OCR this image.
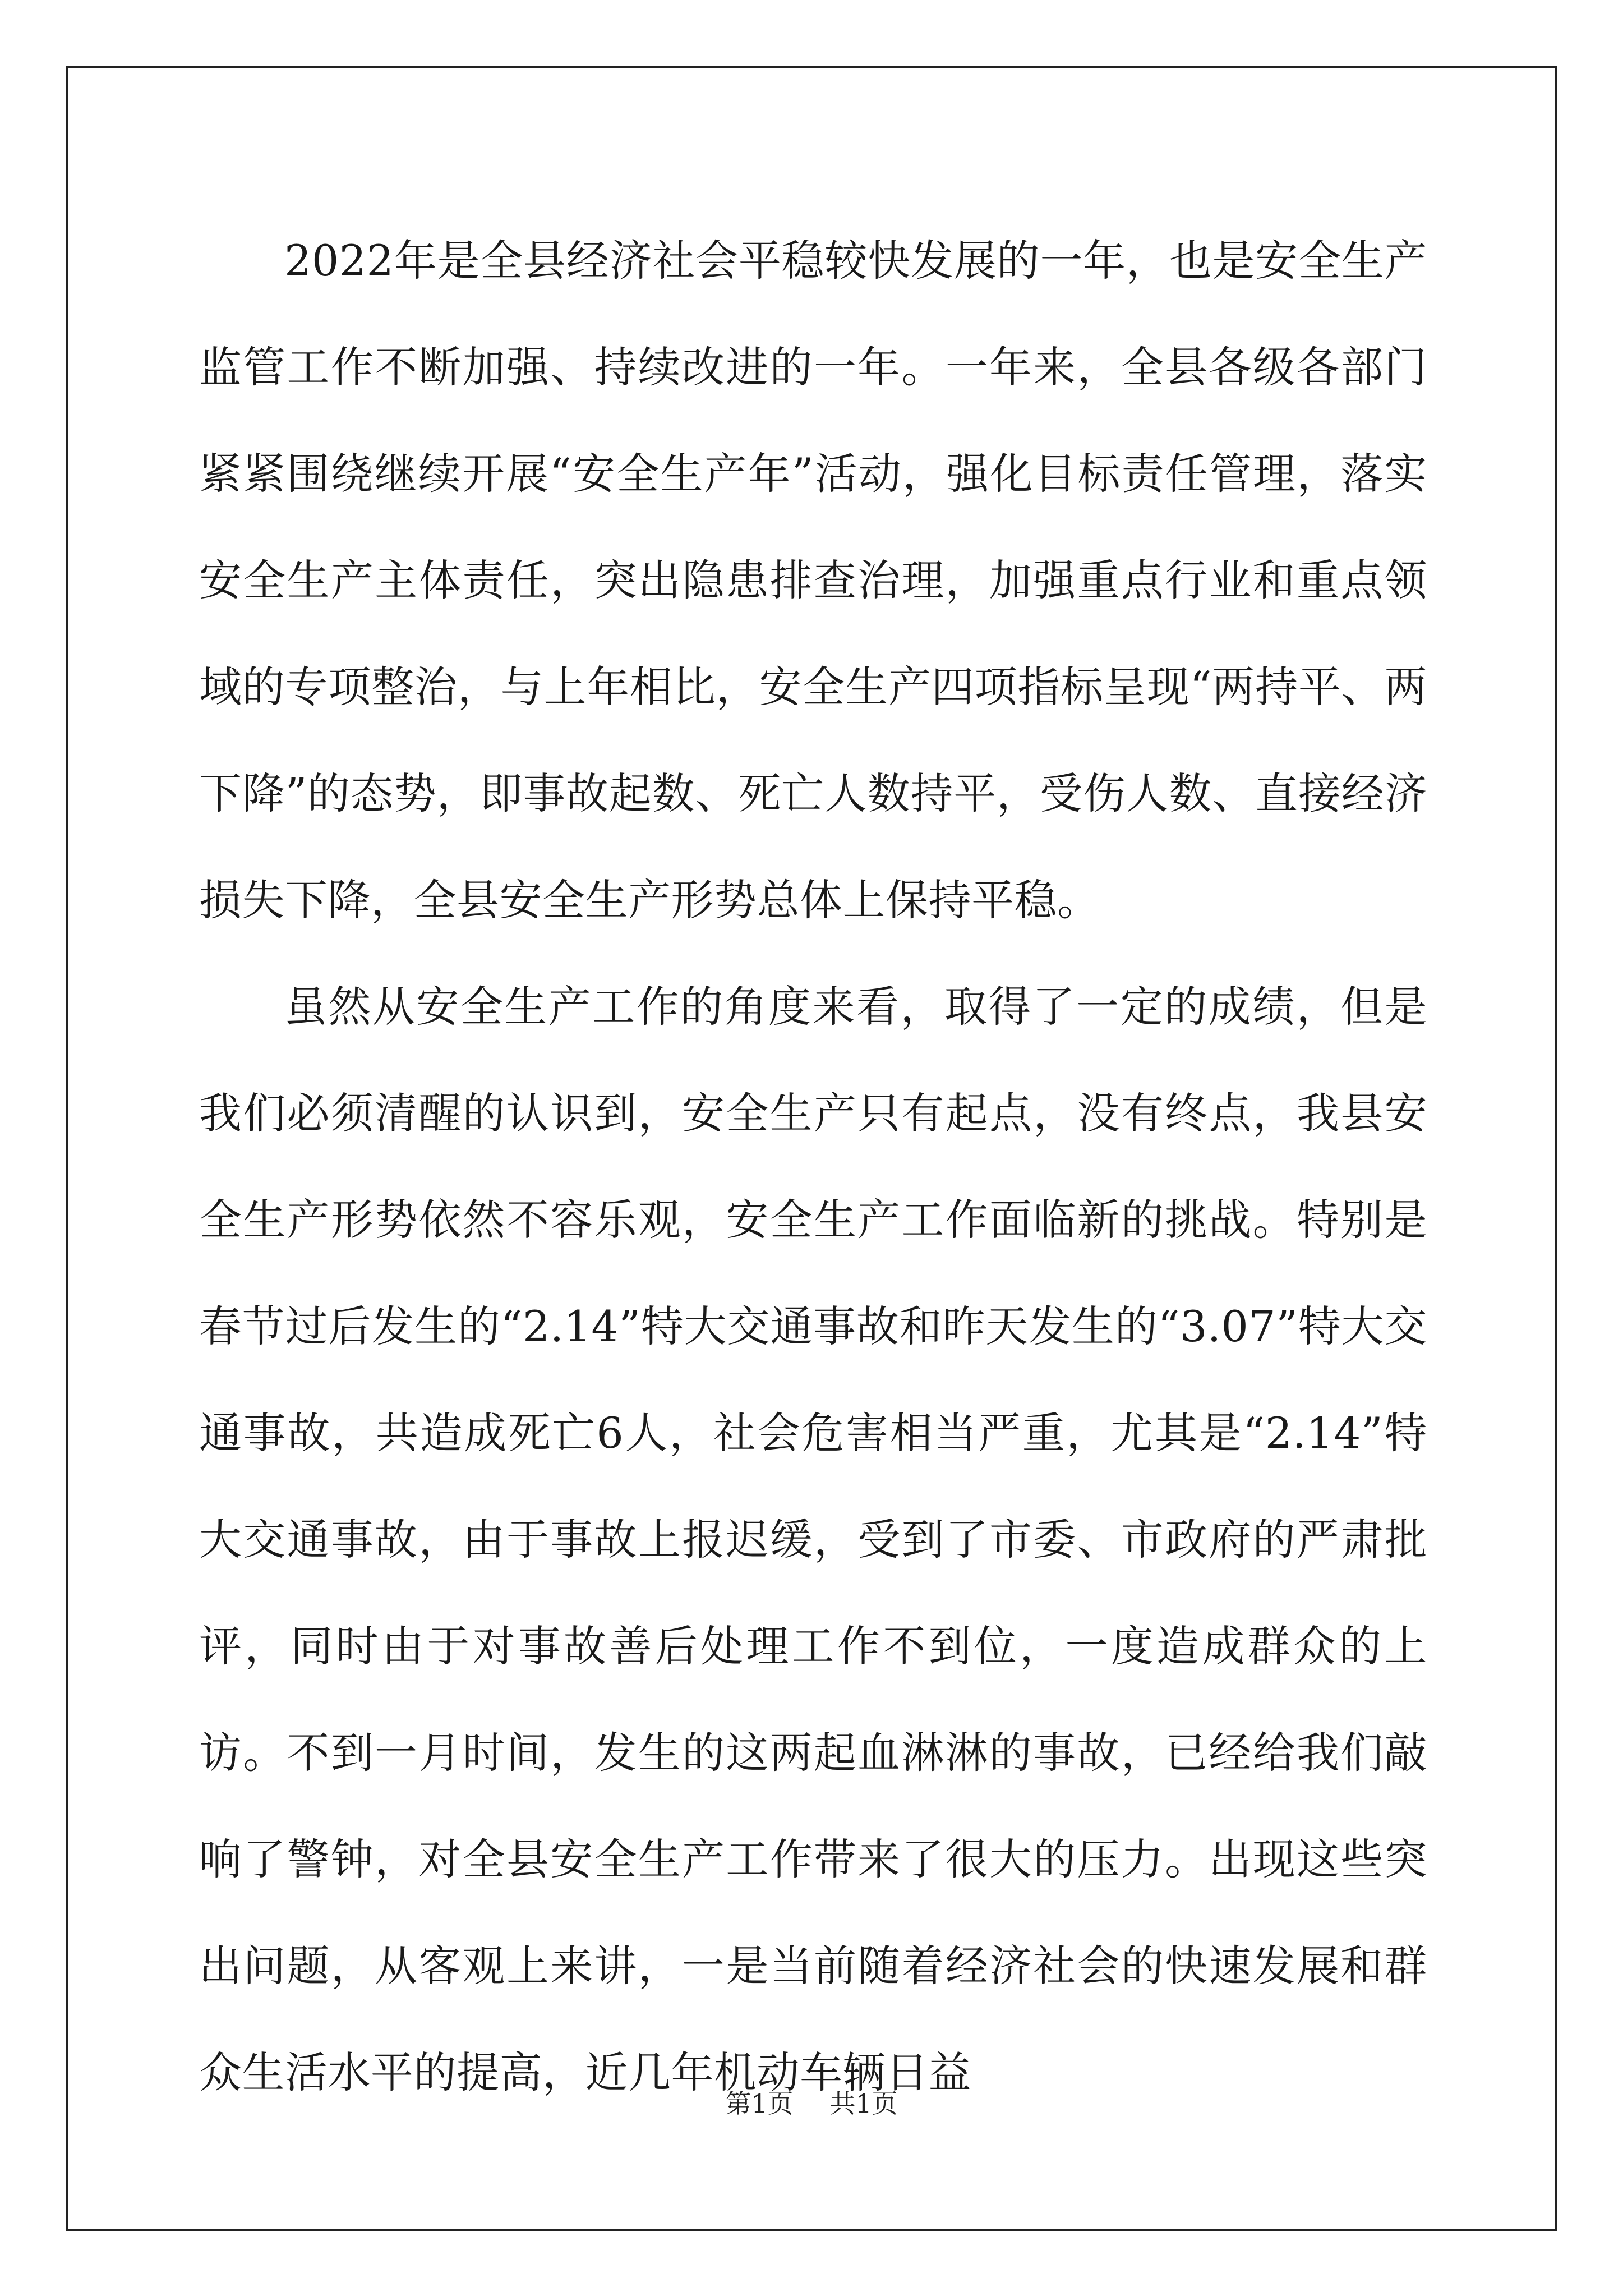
2022年是全县经济社会平稳较快发展的一年，也是安全生产监管工作不断加强、持续改进的一年。一年来，全县各级各部门紧紧围绕继续开展“安全生产年”活动，强化目标责任管理，落实安全生产主体责任，突出隐患排查治理，加强重点行业和重点领域的专项整治，与上年相比，安全生产四项指标呈现“两持平、两下降”的态势，即事故起数、死亡人数持平，受伤人数、直接经济损失下降，全县安全生产形势总体上保持平稳。

虽然从安全生产工作的角度来看，取得了一定的成绩，但是我们必须清醒的认识到，安全生产只有起点，没有终点，我县安全生产形势依然不容乐观，安全生产工作面临新的挑战。特别是春节过后发生的“2.14”特大交通事故和昨天发生的“3.07”特大交通事故，共造成死亡6人，社会危害相当严重，尤其是“2.14”特大交通事故，由于事故上报迟缓，受到了市委、市政府的严肃批评，同时由于对事故善后处理工作不到位，一度造成群众的上访。不到一月时间，发生的这两起血淋淋的事故，已经给我们敲响了警钟，对全县安全生产工作带来了很大的压力。出现这些突出问题，从客观上来讲，一是当前随着经济社会的快速发展和群众生活水平的提高，近几年机动车辆日益

第1页 共1页
